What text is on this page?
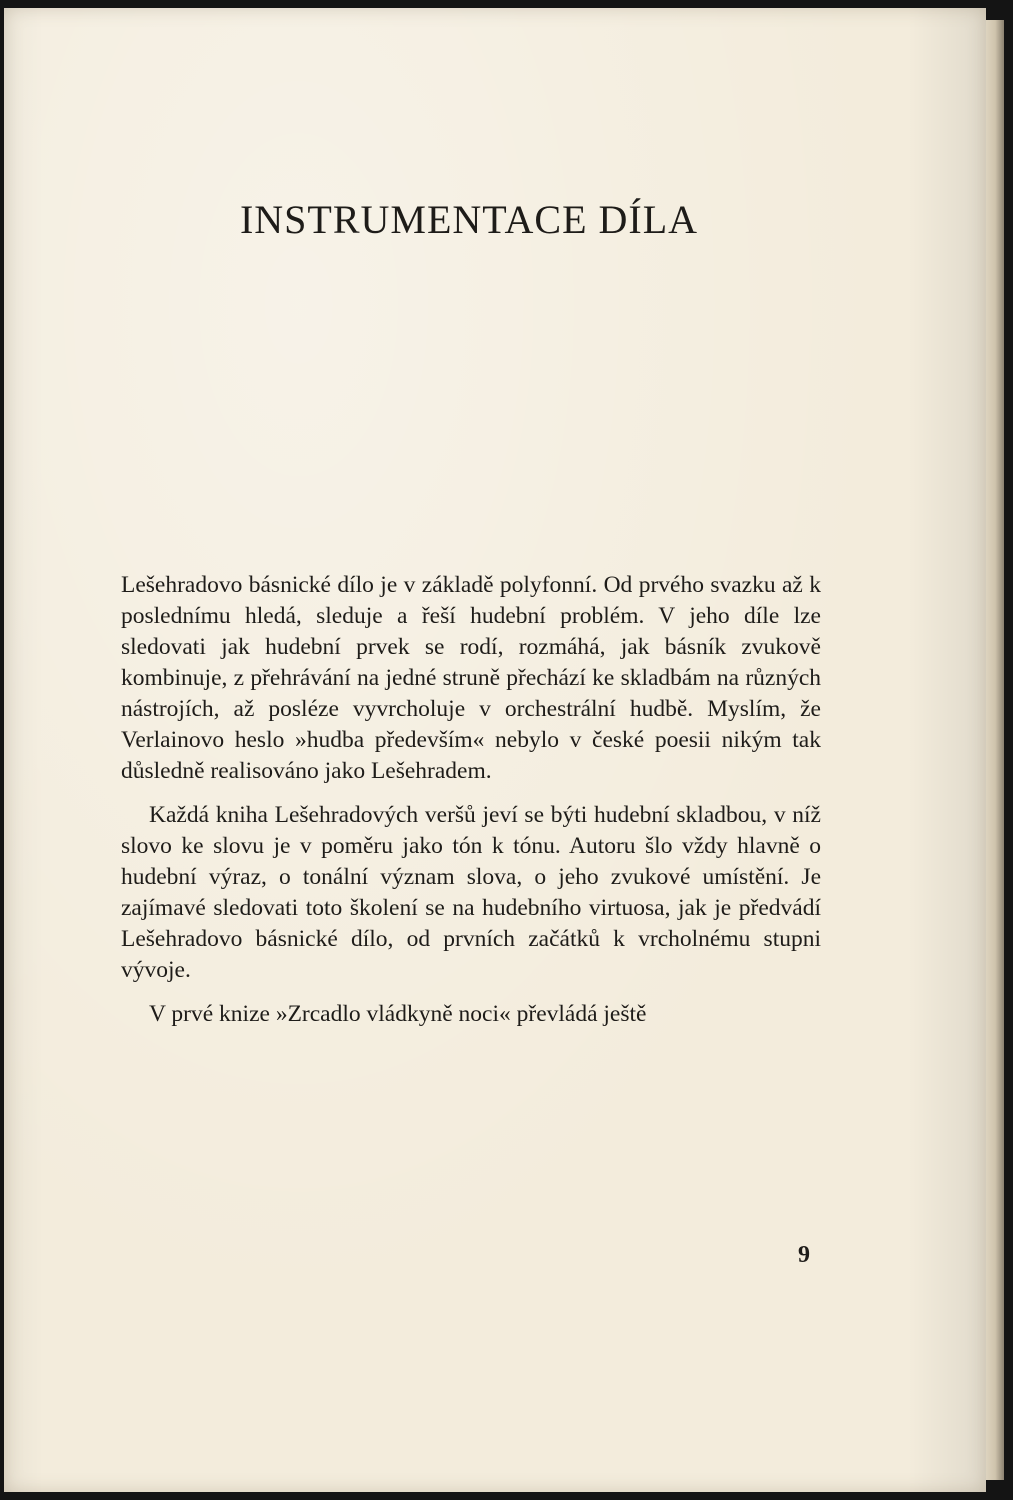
INSTRUMENTACE DÍLA

Lešehradovo básnické dílo je v základě polyfonní. Od prvého svazku až k poslednímu hledá, sleduje a řeší hudební problém. V jeho díle lze sledovati jak hudební prvek se rodí, rozmáhá, jak básník zvukově kombinuje, z přehrávání na jedné struně přechází ke skladbám na různých nástrojích, až posléze vyvrcholuje v orchestrální hudbě. Myslím, že Verlainovo heslo »hudba především« nebylo v české poesii nikým tak důsledně realisováno jako Lešehradem.

Každá kniha Lešehradových veršů jeví se býti hudební skladbou, v níž slovo ke slovu je v poměru jako tón k tónu. Autoru šlo vždy hlavně o hudební výraz, o tonální význam slova, o jeho zvukové umístění. Je zajímavé sledovati toto školení se na hudebního virtuosa, jak je předvádí Lešehradovo básnické dílo, od prvních začátků k vrcholnému stupni vývoje.

V prvé knize »Zrcadlo vládkyně noci« převládá ještě

9
